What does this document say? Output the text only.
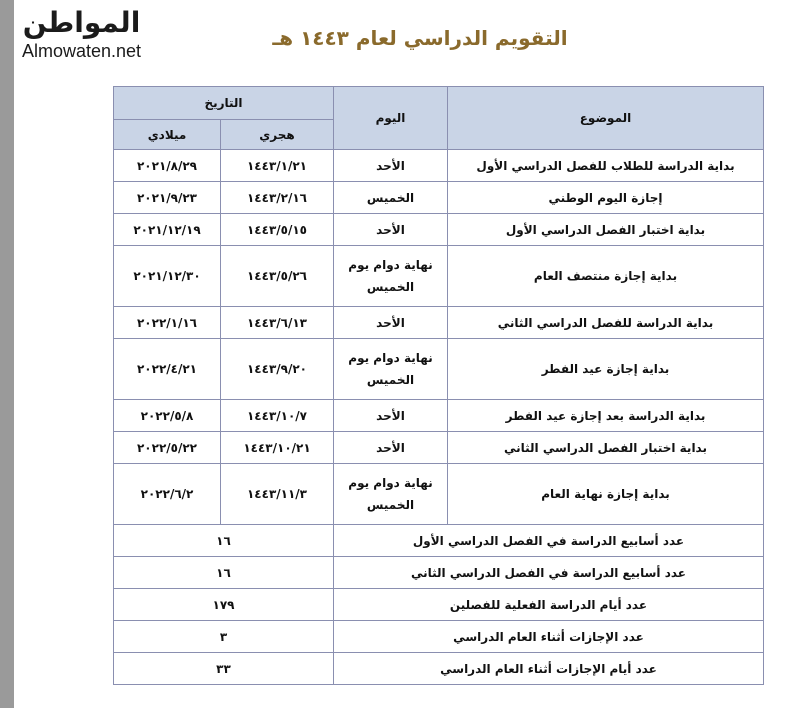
المواطن
Almowaten.net
التقويم الدراسي لعام ١٤٤٣ هـ
الموضوع	اليوم	التاريخ	
		هجري	ميلادي
بداية الدراسة للطلاب للفصل الدراسي الأول	الأحد	١٤٤٣/١/٢١	٢٠٢١/٨/٢٩
إجازة اليوم الوطني	الخميس	١٤٤٣/٢/١٦	٢٠٢١/٩/٢٣
بداية اختبار الفصل الدراسي الأول	الأحد	١٤٤٣/٥/١٥	٢٠٢١/١٢/١٩
بداية إجازة منتصف العام	نهاية دوام يوم الخميس	١٤٤٣/٥/٢٦	٢٠٢١/١٢/٣٠
بداية الدراسة للفصل الدراسي الثاني	الأحد	١٤٤٣/٦/١٣	٢٠٢٢/١/١٦
بداية إجازة عيد الفطر	نهاية دوام يوم الخميس	١٤٤٣/٩/٢٠	٢٠٢٢/٤/٢١
بداية الدراسة بعد إجازة عيد الفطر	الأحد	١٤٤٣/١٠/٧	٢٠٢٢/٥/٨
بداية اختبار الفصل الدراسي الثاني	الأحد	١٤٤٣/١٠/٢١	٢٠٢٢/٥/٢٢
بداية إجازة نهاية العام	نهاية دوام يوم الخميس	١٤٤٣/١١/٣	٢٠٢٢/٦/٢
عدد أسابيع الدراسة في الفصل الدراسي الأول		١٦	
عدد أسابيع الدراسة في الفصل الدراسي الثاني		١٦	
عدد أيام الدراسة الفعلية للفصلين		١٧٩	
عدد الإجازات أثناء العام الدراسي		٣	
عدد أيام الإجازات أثناء العام الدراسي		٣٣	
